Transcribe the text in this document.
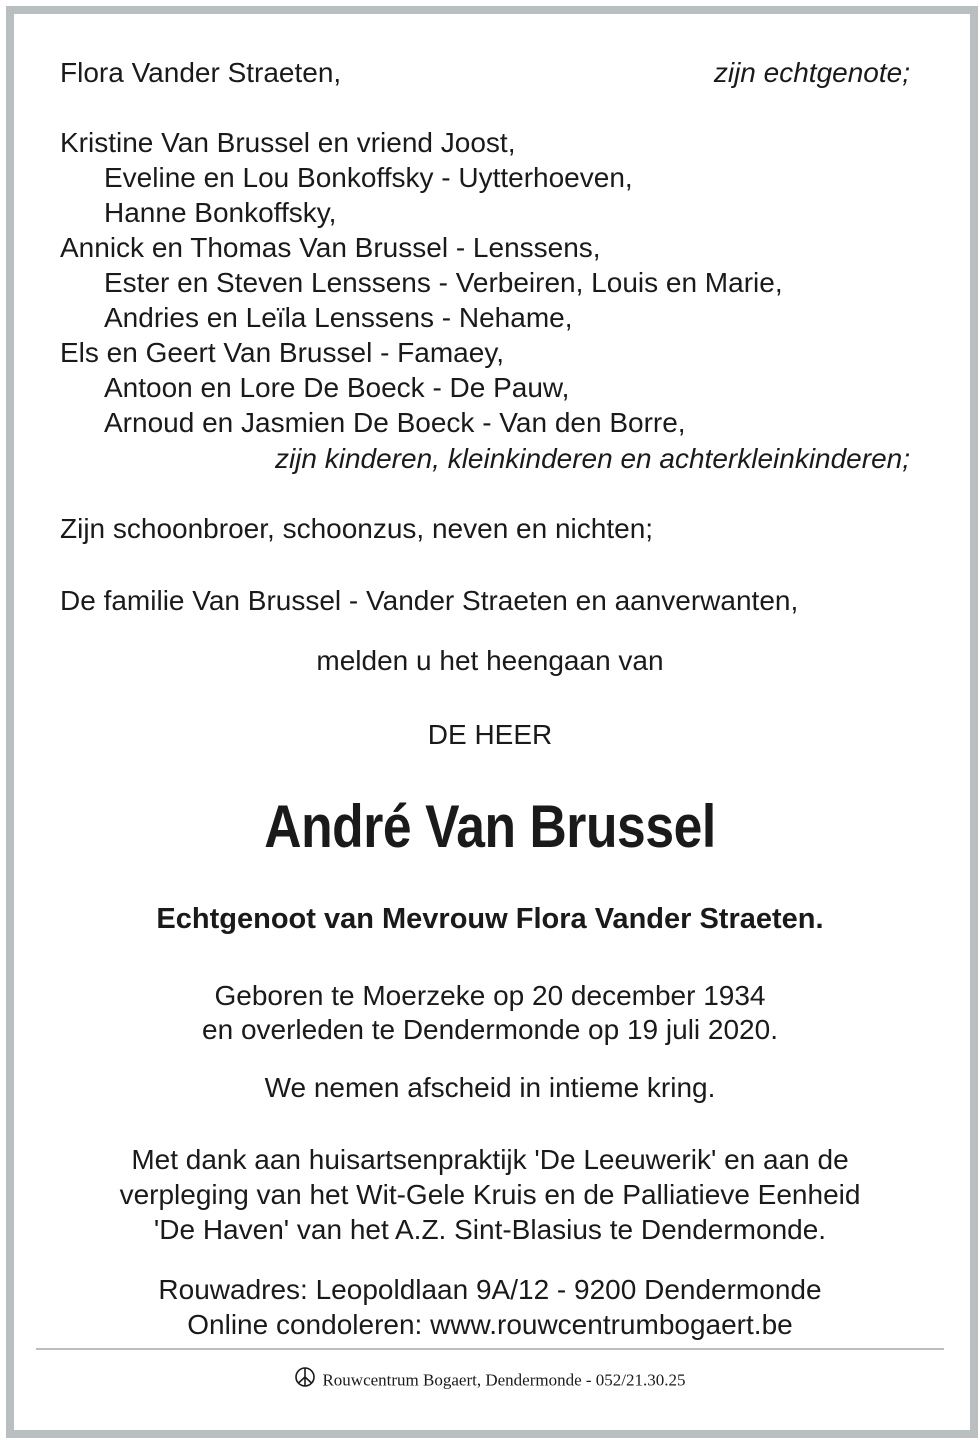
Flora Vander Straeten,	zijn echtgenote;
Kristine Van Brussel en vriend Joost,
Eveline en Lou Bonkoffsky - Uytterhoeven,
Hanne Bonkoffsky,
Annick en Thomas Van Brussel - Lenssens,
Ester en Steven Lenssens - Verbeiren, Louis en Marie,
Andries en Leïla Lenssens - Nehame,
Els en Geert Van Brussel - Famaey,
Antoon en Lore De Boeck - De Pauw,
Arnoud en Jasmien De Boeck - Van den Borre,
zijn kinderen, kleinkinderen en achterkleinkinderen;
Zijn schoonbroer, schoonzus, neven en nichten;
De familie Van Brussel - Vander Straeten en aanverwanten,
melden u het heengaan van
DE HEER
André Van Brussel
Echtgenoot van Mevrouw Flora Vander Straeten.
Geboren te Moerzeke op 20 december 1934
en overleden te Dendermonde op 19 juli 2020.
We nemen afscheid in intieme kring.
Met dank aan huisartsenpraktijk 'De Leeuwerik' en aan de
verpleging van het Wit-Gele Kruis en de Palliatieve Eenheid
'De Haven' van het A.Z. Sint-Blasius te Dendermonde.
Rouwadres: Leopoldlaan 9A/12 - 9200 Dendermonde
Online condoleren: www.rouwcentrumbogaert.be
Rouwcentrum Bogaert, Dendermonde - 052/21.30.25
